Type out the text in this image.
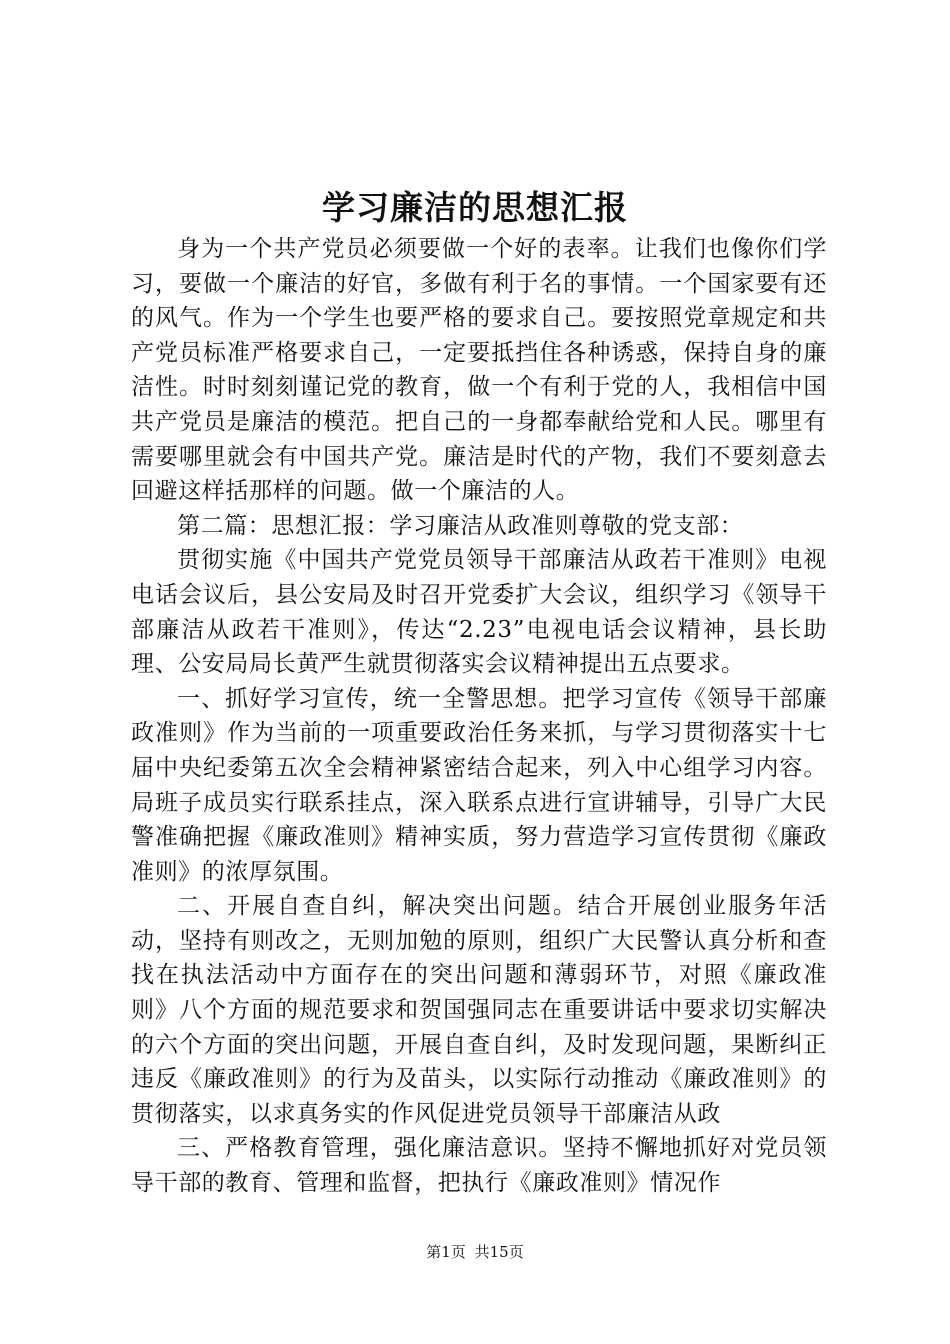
学习廉洁的思想汇报

身为一个共产党员必须要做一个好的表率。让我们也像你们学习，要做一个廉洁的好官，多做有利于名的事情。一个国家要有还的风气。作为一个学生也要严格的要求自己。要按照党章规定和共产党员标准严格要求自己，一定要抵挡住各种诱惑，保持自身的廉洁性。时时刻刻谨记党的教育，做一个有利于党的人，我相信中国共产党员是廉洁的模范。把自己的一身都奉献给党和人民。哪里有需要哪里就会有中国共产党。廉洁是时代的产物，我们不要刻意去回避这样括那样的问题。做一个廉洁的人。

第二篇：思想汇报：学习廉洁从政准则尊敬的党支部：

贯彻实施《中国共产党党员领导干部廉洁从政若干准则》电视电话会议后，县公安局及时召开党委扩大会议，组织学习《领导干部廉洁从政若干准则》，传达“2.23”电视电话会议精神，县长助理、公安局局长黄严生就贯彻落实会议精神提出五点要求。

一、抓好学习宣传，统一全警思想。把学习宣传《领导干部廉政准则》作为当前的一项重要政治任务来抓，与学习贯彻落实十七届中央纪委第五次全会精神紧密结合起来，列入中心组学习内容。局班子成员实行联系挂点，深入联系点进行宣讲辅导，引导广大民警准确把握《廉政准则》精神实质，努力营造学习宣传贯彻《廉政准则》的浓厚氛围。

二、开展自查自纠，解决突出问题。结合开展创业服务年活动，坚持有则改之，无则加勉的原则，组织广大民警认真分析和查找在执法活动中方面存在的突出问题和薄弱环节，对照《廉政准则》八个方面的规范要求和贺国强同志在重要讲话中要求切实解决的六个方面的突出问题，开展自查自纠，及时发现问题，果断纠正违反《廉政准则》的行为及苗头，以实际行动推动《廉政准则》的贯彻落实，以求真务实的作风促进党员领导干部廉洁从政

三、严格教育管理，强化廉洁意识。坚持不懈地抓好对党员领导干部的教育、管理和监督，把执行《廉政准则》情况作

第1页 共15页
